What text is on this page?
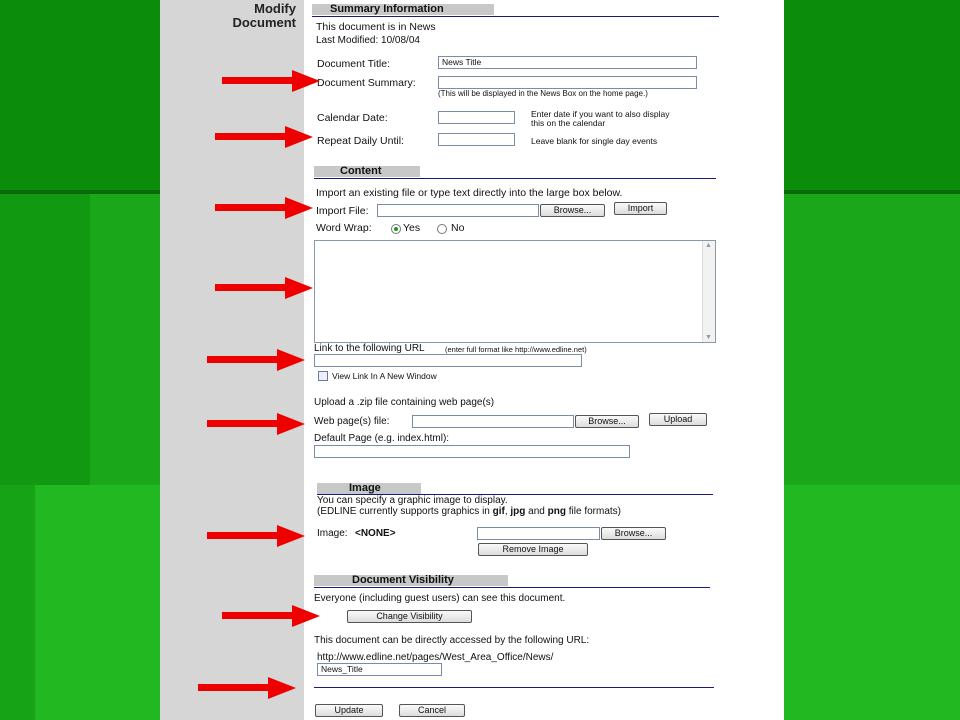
Modify Document
Summary Information
This document is in News
Last Modified: 10/08/04
Document Title:	News Title
Document Summary:
(This will be displayed in the News Box on the home page.)
Calendar Date:	Enter date if you want to also display
this on the calendar
Repeat Daily Until:	Leave blank for single day events
Content
Import an existing file or type text directly into the large box below.
Import File:	Browse...	Import
Word Wrap:	Yes	No
▲
▼
Link to the following URL	(enter full format like http://www.edline.net)
View Link In A New Window
Upload a .zip file containing web page(s)
Web page(s) file:	Browse...	Upload
Default Page (e.g. index.html):
Image
You can specify a graphic image to display.
(EDLINE currently supports graphics in gif, jpg and png file formats)
Image: <NONE>	Browse...
Remove Image
Document Visibility
Everyone (including guest users) can see this document.
Change Visibility
This document can be directly accessed by the following URL:
http://www.edline.net/pages/West_Area_Office/News/
News_Title
Update	Cancel
